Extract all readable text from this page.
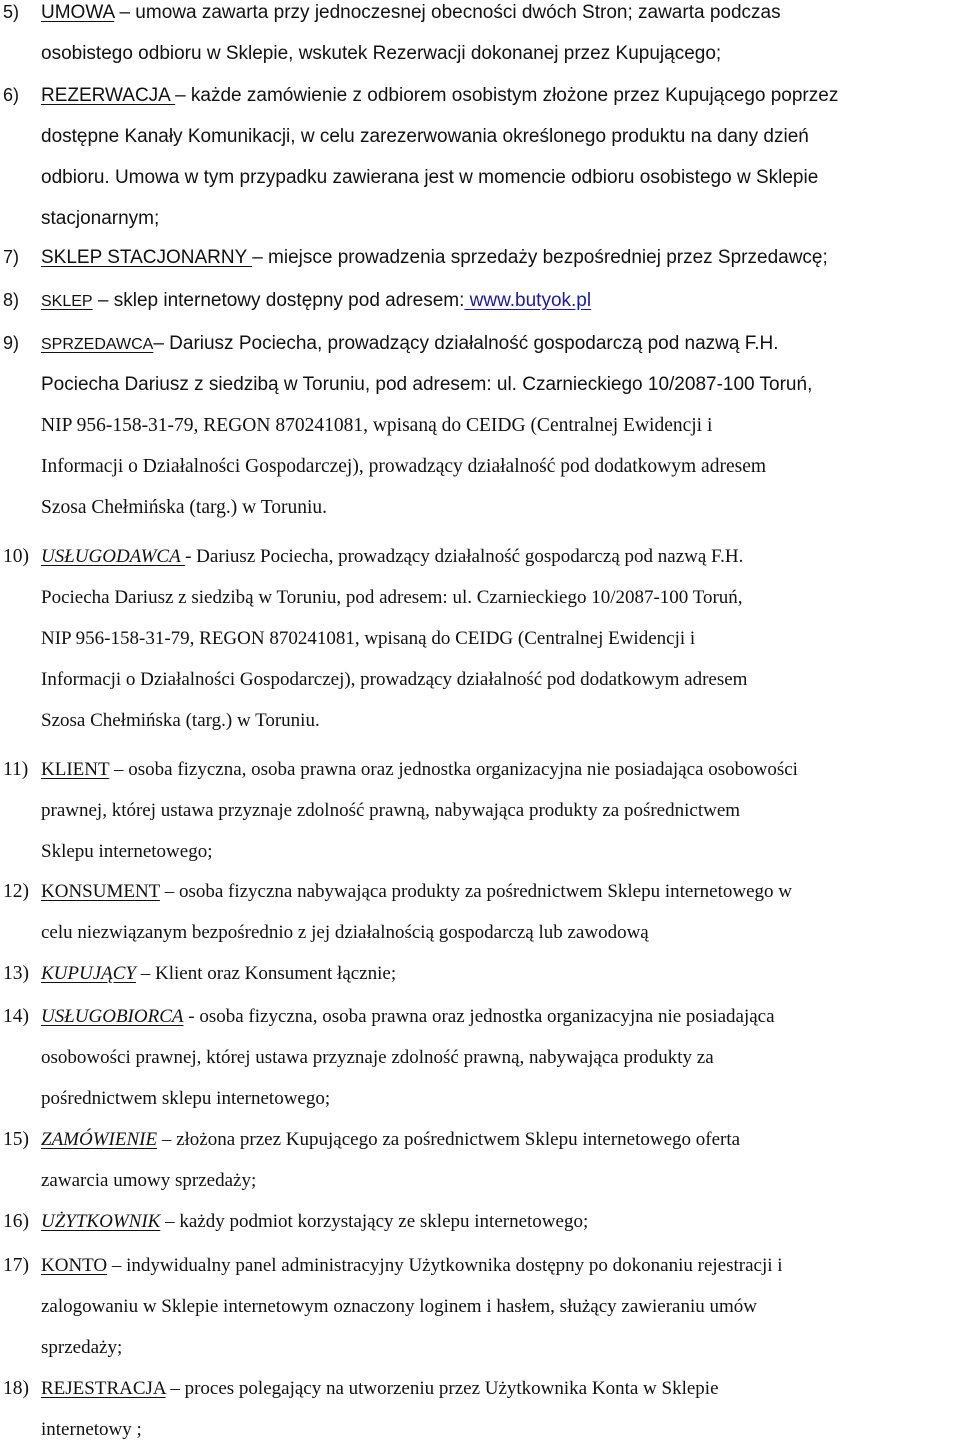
5) UMOWA – umowa zawarta przy jednoczesnej obecności dwóch Stron; zawarta podczas
osobistego odbioru w Sklepie, wskutek Rezerwacji dokonanej przez Kupującego;
6) REZERWACJA – każde zamówienie z odbiorem osobistym złożone przez Kupującego poprzez
dostępne Kanały Komunikacji, w celu zarezerwowania określonego produktu na dany dzień
odbioru. Umowa w tym przypadku zawierana jest w momencie odbioru osobistego w Sklepie
stacjonarnym;
7) SKLEP STACJONARNY – miejsce prowadzenia sprzedaży bezpośredniej przez Sprzedawcę;
8) SKLEP – sklep internetowy dostępny pod adresem: www.butyok.pl
9) SPRZEDAWCA– Dariusz Pociecha, prowadzący działalność gospodarczą pod nazwą F.H.
Pociecha Dariusz z siedzibą w Toruniu, pod adresem: ul. Czarnieckiego 10/2087-100 Toruń,
NIP 956-158-31-79, REGON 870241081, wpisaną do CEIDG (Centralnej Ewidencji i
Informacji o Działalności Gospodarczej), prowadzący działalność pod dodatkowym adresem
Szosa Chełmińska (targ.) w Toruniu.
10) USŁUGODAWCA - Dariusz Pociecha, prowadzący działalność gospodarczą pod nazwą F.H.
Pociecha Dariusz z siedzibą w Toruniu, pod adresem: ul. Czarnieckiego 10/2087-100 Toruń,
NIP 956-158-31-79, REGON 870241081, wpisaną do CEIDG (Centralnej Ewidencji i
Informacji o Działalności Gospodarczej), prowadzący działalność pod dodatkowym adresem
Szosa Chełmińska (targ.) w Toruniu.
11) KLIENT – osoba fizyczna, osoba prawna oraz jednostka organizacyjna nie posiadająca osobowości
prawnej, której ustawa przyznaje zdolność prawną, nabywająca produkty za pośrednictwem
Sklepu internetowego;
12) KONSUMENT – osoba fizyczna nabywająca produkty za pośrednictwem Sklepu internetowego w
celu niezwiązanym bezpośrednio z jej działalnością gospodarczą lub zawodową
13) KUPUJĄCY – Klient oraz Konsument łącznie;
14) USŁUGOBIORCA - osoba fizyczna, osoba prawna oraz jednostka organizacyjna nie posiadająca
osobowości prawnej, której ustawa przyznaje zdolność prawną, nabywająca produkty za
pośrednictwem sklepu internetowego;
15) ZAMÓWIENIE – złożona przez Kupującego za pośrednictwem Sklepu internetowego oferta
zawarcia umowy sprzedaży;
16) UŻYTKOWNIK – każdy podmiot korzystający ze sklepu internetowego;
17) KONTO – indywidualny panel administracyjny Użytkownika dostępny po dokonaniu rejestracji i
zalogowaniu w Sklepie internetowym oznaczony loginem i hasłem, służący zawieraniu umów
sprzedaży;
18) REJESTRACJA – proces polegający na utworzeniu przez Użytkownika Konta w Sklepie
internetowy ;
